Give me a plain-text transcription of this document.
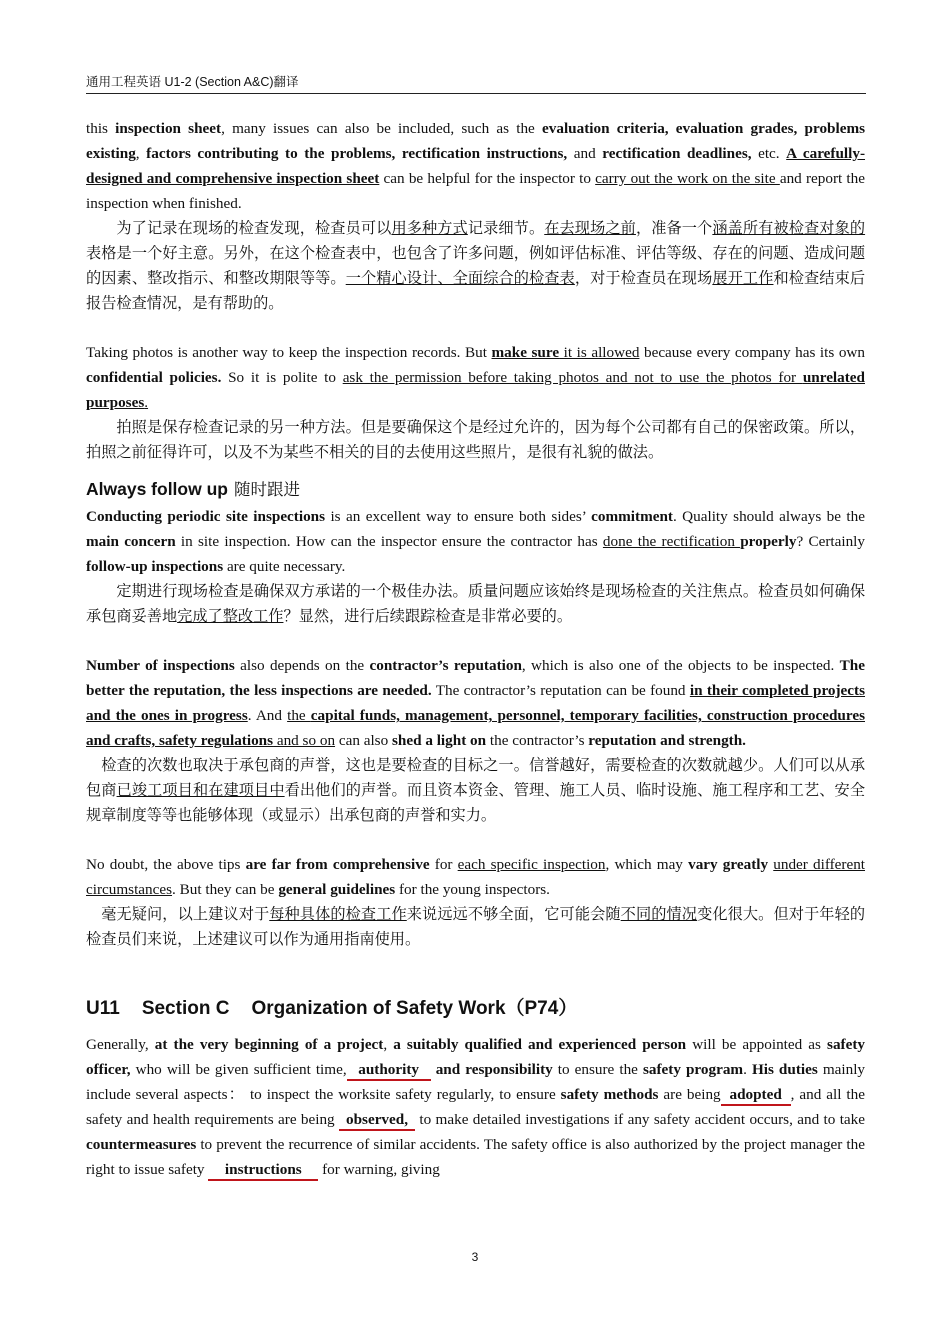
通用工程英语 U1-2 (Section A&C)翻译

this inspection sheet, many issues can also be included, such as the evaluation criteria, evaluation grades, problems existing, factors contributing to the problems, rectification instructions, and rectification deadlines, etc. A carefully-designed and comprehensive inspection sheet can be helpful for the inspector to carry out the work on the site and report the inspection when finished.

为了记录在现场的检查发现，检查员可以用多种方式记录细节。在去现场之前，准备一个涵盖所有被检查对象的表格是一个好主意。另外，在这个检查表中，也包含了许多问题，例如评估标准、评估等级、存在的问题、造成问题的因素、整改指示、和整改期限等等。一个精心设计、全面综合的检查表，对于检查员在现场展开工作和检查结束后报告检查情况，是有帮助的。

Taking photos is another way to keep the inspection records. But make sure it is allowed because every company has its own confidential policies. So it is polite to ask the permission before taking photos and not to use the photos for unrelated purposes.

拍照是保存检查记录的另一种方法。但是要确保这个是经过允许的，因为每个公司都有自己的保密政策。所以，拍照之前征得许可，以及不为某些不相关的目的去使用这些照片，是很有礼貌的做法。

Always follow up 随时跟进

Conducting periodic site inspections is an excellent way to ensure both sides’ commitment. Quality should always be the main concern in site inspection. How can the inspector ensure the contractor has done the rectification properly? Certainly follow-up inspections are quite necessary.

定期进行现场检查是确保双方承诺的一个极佳办法。质量问题应该始终是现场检查的关注焦点。检查员如何确保承包商妥善地完成了整改工作？显然，进行后续跟踪检查是非常必要的。

Number of inspections also depends on the contractor’s reputation, which is also one of the objects to be inspected. The better the reputation, the less inspections are needed. The contractor’s reputation can be found in their completed projects and the ones in progress. And the capital funds, management, personnel, temporary facilities, construction procedures and crafts, safety regulations and so on can also shed a light on the contractor’s reputation and strength.

检查的次数也取决于承包商的声誉，这也是要检查的目标之一。信誉越好，需要检查的次数就越少。人们可以从承包商已竣工项目和在建项目中看出他们的声誉。而且资本资金、管理、施工人员、临时设施、施工程序和工艺、安全规章制度等等也能够体现（或显示）出承包商的声誉和实力。

No doubt, the above tips are far from comprehensive for each specific inspection, which may vary greatly under different circumstances. But they can be general guidelines for the young inspectors.

毫无疑问，以上建议对于每种具体的检查工作来说远远不够全面，它可能会随不同的情况变化很大。但对于年轻的检查员们来说，上述建议可以作为通用指南使用。

U11 Section C Organization of Safety Work（P74）

Generally, at the very beginning of a project, a suitably qualified and experienced person will be appointed as safety officer, who will be given sufficient time, authority and responsibility to ensure the safety program. His duties mainly include several aspects： to inspect the worksite safety regularly, to ensure safety methods are being adopted , and all the safety and health requirements are being observed, to make detailed investigations if any safety accident occurs, and to take countermeasures to prevent the recurrence of similar accidents. The safety office is also authorized by the project manager the right to issue safety instructions for warning, giving

3
